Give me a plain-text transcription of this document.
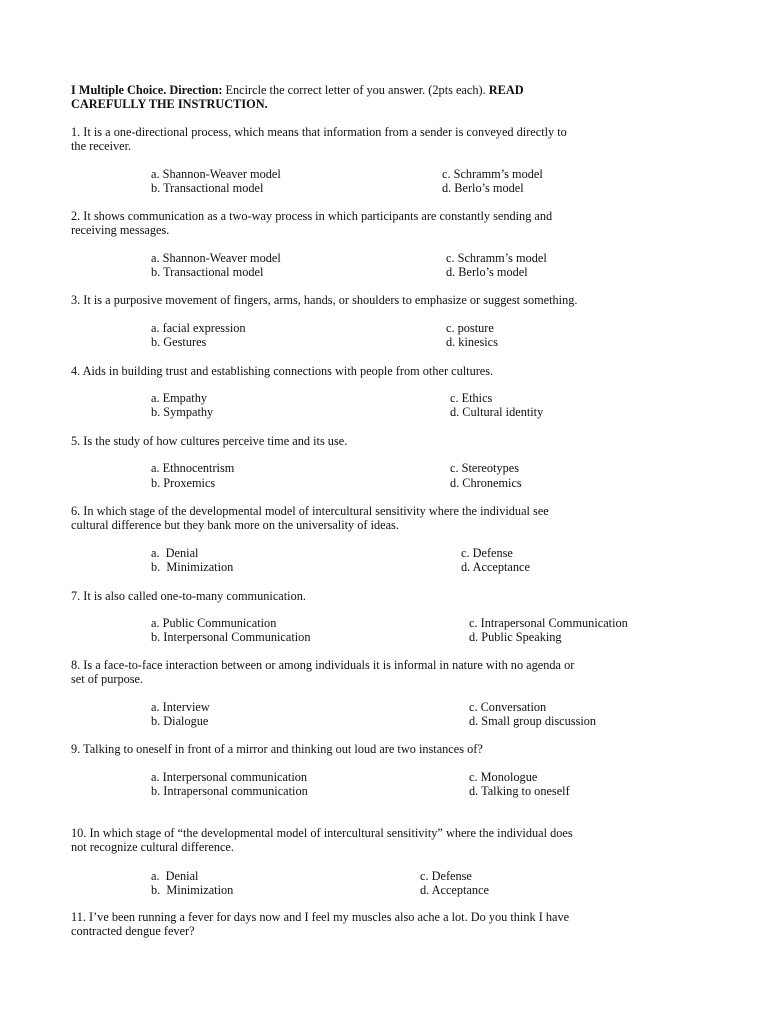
I Multiple Choice. Direction: Encircle the correct letter of you answer. (2pts each). READ
CAREFULLY THE INSTRUCTION.
1. It is a one-directional process, which means that information from a sender is conveyed directly to
the receiver.
a. Shannon-Weaver model
b. Transactional model
c. Schramm’s model
d. Berlo’s model
2. It shows communication as a two-way process in which participants are constantly sending and
receiving messages.
a. Shannon-Weaver model
b. Transactional model
c. Schramm’s model
d. Berlo’s model
3. It is a purposive movement of fingers, arms, hands, or shoulders to emphasize or suggest something.
a. facial expression
b. Gestures
c. posture
d. kinesics
4. Aids in building trust and establishing connections with people from other cultures.
a. Empathy
b. Sympathy
c. Ethics
d. Cultural identity
5. Is the study of how cultures perceive time and its use.
a. Ethnocentrism
b. Proxemics
c. Stereotypes
d. Chronemics
6. In which stage of the developmental model of intercultural sensitivity where the individual see
cultural difference but they bank more on the universality of ideas.
a.  Denial
b.  Minimization
c. Defense
d. Acceptance
7. It is also called one-to-many communication.
a. Public Communication
b. Interpersonal Communication
c. Intrapersonal Communication
d. Public Speaking
8. Is a face-to-face interaction between or among individuals it is informal in nature with no agenda or
set of purpose.
a. Interview
b. Dialogue
c. Conversation
d. Small group discussion
9. Talking to oneself in front of a mirror and thinking out loud are two instances of?
a. Interpersonal communication
b. Intrapersonal communication
c. Monologue
d. Talking to oneself
10. In which stage of “the developmental model of intercultural sensitivity” where the individual does
not recognize cultural difference.
a.  Denial
b.  Minimization
c. Defense
d. Acceptance
11. I’ve been running a fever for days now and I feel my muscles also ache a lot. Do you think I have
contracted dengue fever?
